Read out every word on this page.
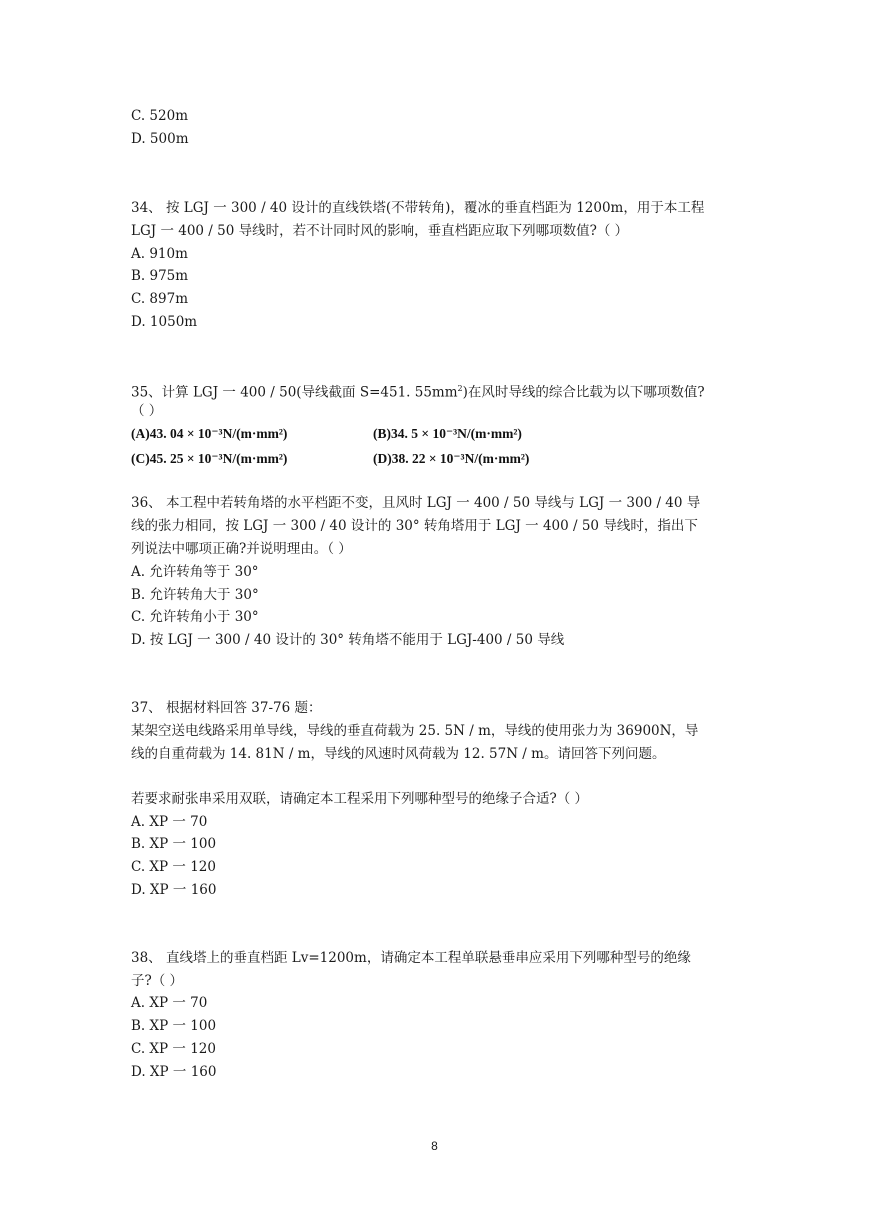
C. 520m
D. 500m
34、 按 LGJ 一 300 / 40 设计的直线铁塔(不带转角)，覆冰的垂直档距为 1200m，用于本工程
LGJ 一 400 / 50 导线时，若不计同时风的影响，垂直档距应取下列哪项数值?（ ）
A. 910m
B. 975m
C. 897m
D. 1050m
35、计算 LGJ 一 400 / 50(导线截面 S=451. $55mm^2$)在风时导线的综合比载为以下哪项数值?
（ ）
(A)43. 04 × 10⁻³N/(m·mm²)	(B)34. 5 × 10⁻³N/(m·mm²)
(C)45. 25 × 10⁻³N/(m·mm²)	(D)38. 22 × 10⁻³N/(m·mm²)
36、 本工程中若转角塔的水平档距不变，且风时 LGJ 一 400 / 50 导线与 LGJ 一 300 / 40 导
线的张力相同，按 LGJ 一 300 / 40 设计的 30° 转角塔用于 LGJ 一 400 / 50 导线时，指出下
列说法中哪项正确?并说明理由。（ ）
A. 允许转角等于 30°
B. 允许转角大于 30°
C. 允许转角小于 30°
D. 按 LGJ 一 300 / 40 设计的 30° 转角塔不能用于 LGJ-400 / 50 导线
37、 根据材料回答 37-76 题：
某架空送电线路采用单导线，导线的垂直荷载为 25. 5N / m，导线的使用张力为 36900N，导
线的自重荷载为 14. 81N / m，导线的风速时风荷载为 12. 57N / m。请回答下列问题。
若要求耐张串采用双联，请确定本工程采用下列哪种型号的绝缘子合适?（ ）
A. XP 一 70
B. XP 一 100
C. XP 一 120
D. XP 一 160
38、 直线塔上的垂直档距 Lv=1200m，请确定本工程单联悬垂串应采用下列哪种型号的绝缘
子?（ ）
A. XP 一 70
B. XP 一 100
C. XP 一 120
D. XP 一 160
8
